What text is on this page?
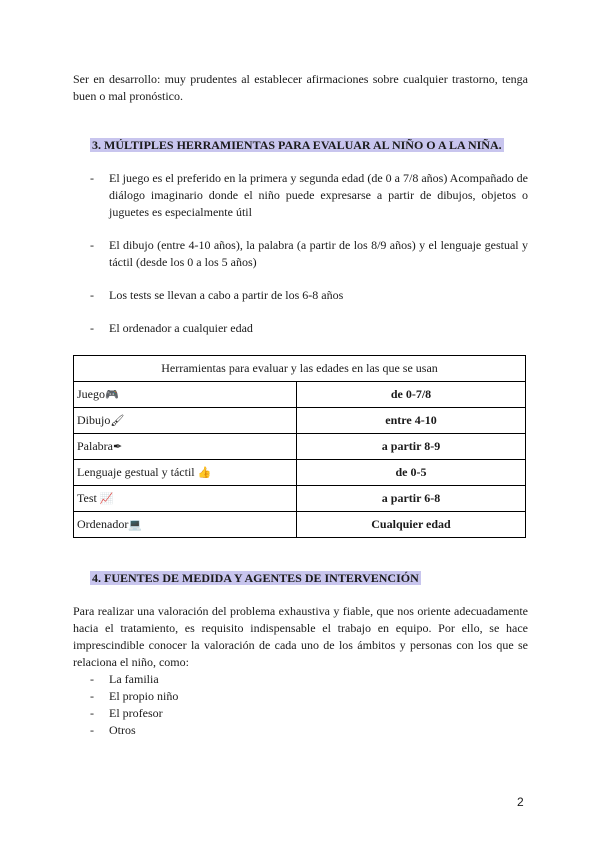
Ser en desarrollo: muy prudentes al establecer afirmaciones sobre cualquier trastorno, tenga buen o mal pronóstico.

3. MÚLTIPLES HERRAMIENTAS PARA EVALUAR AL NIÑO O A LA NIÑA.

- El juego es el preferido en la primera y segunda edad (de 0 a 7/8 años) Acompañado de diálogo imaginario donde el niño puede expresarse a partir de dibujos, objetos o juguetes es especialmente útil
- El dibujo (entre 4-10 años), la palabra (a partir de los 8/9 años) y el lenguaje gestual y táctil (desde los 0 a los 5 años)
- Los tests se llevan a cabo a partir de los 6-8 años
- El ordenador a cualquier edad
Herramientas para evaluar y las edades en las que se usan	
Juego🎮	de 0-7/8
Dibujo🖌	entre 4-10
Palabra✒	a partir 8-9
Lenguaje gestual y táctil 👍	de 0-5
Test 📈	a partir 6-8
Ordenador💻	Cualquier edad

4. FUENTES DE MEDIDA Y AGENTES DE INTERVENCIÓN

Para realizar una valoración del problema exhaustiva y fiable, que nos oriente adecuadamente hacia el tratamiento, es requisito indispensable el trabajo en equipo. Por ello, se hace imprescindible conocer la valoración de cada uno de los ámbitos y personas con los que se relaciona el niño, como:

- La familia
- El propio niño
- El profesor
- Otros
2
